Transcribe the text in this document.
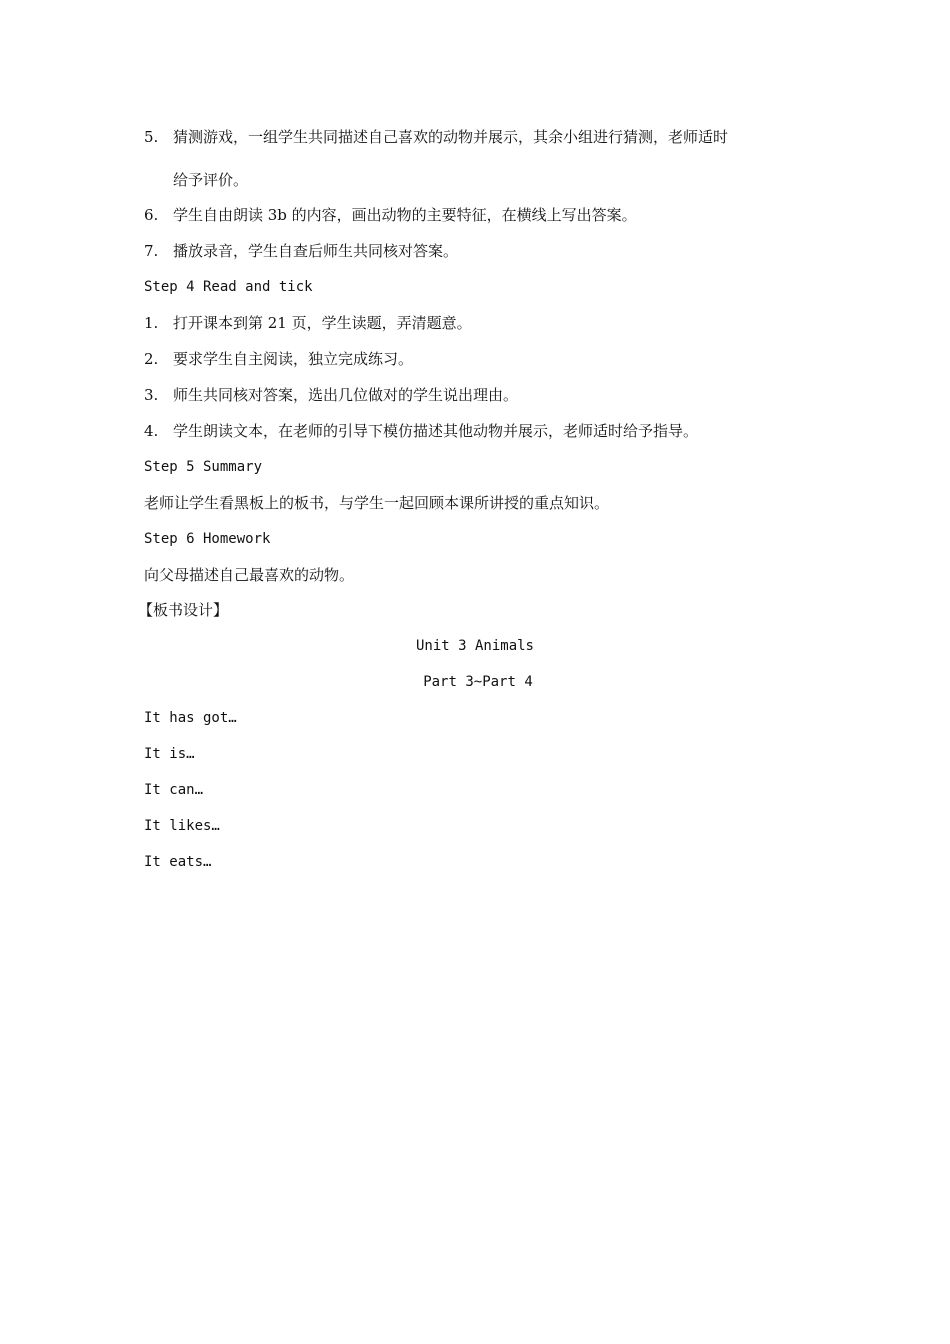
5. 猜测游戏，一组学生共同描述自己喜欢的动物并展示，其余小组进行猜测，老师适时
给予评价。
6. 学生自由朗读 3b 的内容，画出动物的主要特征，在横线上写出答案。
7. 播放录音，学生自查后师生共同核对答案。
Step 4 Read and tick
1. 打开课本到第 21 页，学生读题，弄清题意。
2. 要求学生自主阅读，独立完成练习。
3. 师生共同核对答案，选出几位做对的学生说出理由。
4. 学生朗读文本，在老师的引导下模仿描述其他动物并展示，老师适时给予指导。
Step 5 Summary
老师让学生看黑板上的板书，与学生一起回顾本课所讲授的重点知识。
Step 6 Homework
向父母描述自己最喜欢的动物。
【板书设计】
Unit 3 Animals
Part 3~Part 4
It has got…
It is…
It can…
It likes…
It eats…
